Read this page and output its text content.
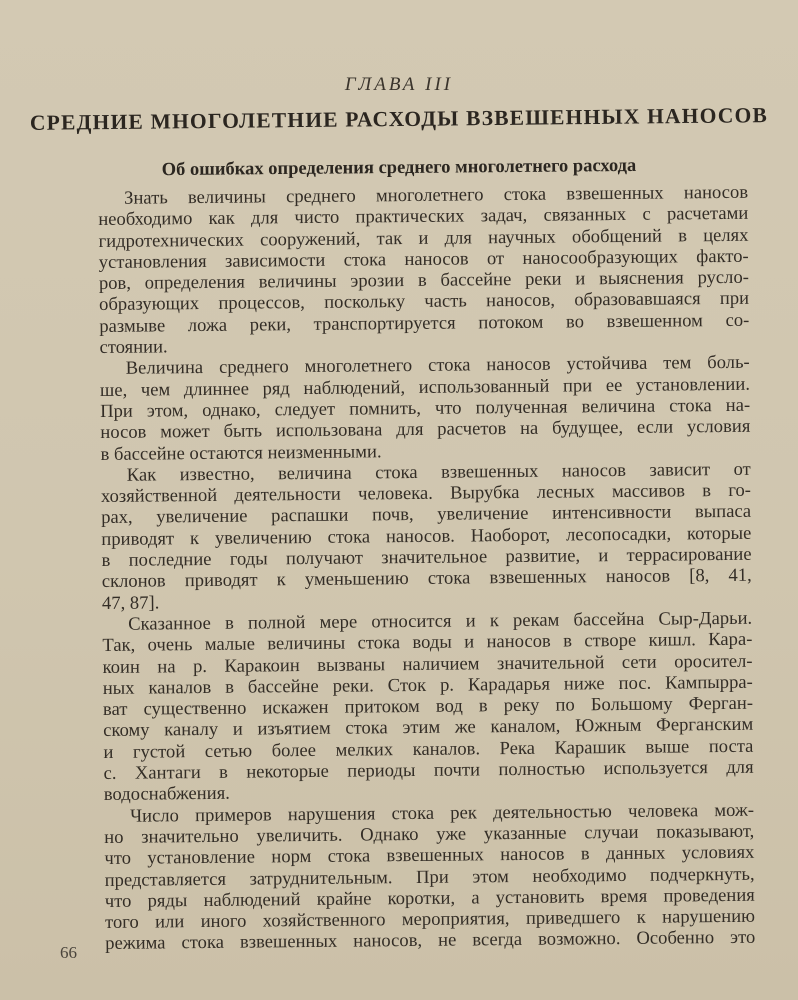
ГЛАВА III
СРЕДНИЕ МНОГОЛЕТНИЕ РАСХОДЫ ВЗВЕШЕННЫХ НАНОСОВ
Об ошибках определения среднего многолетнего расхода
Знать величины среднего многолетнего стока взвешенных наносов
необходимо как для чисто практических задач, связанных с расчетами
гидротехнических сооружений, так и для научных обобщений в целях
установления зависимости стока наносов от наносообразующих факто-
ров, определения величины эрозии в бассейне реки и выяснения русло-
образующих процессов, поскольку часть наносов, образовавшаяся при
размыве ложа реки, транспортируется потоком во взвешенном со-
стоянии.
Величина среднего многолетнего стока наносов устойчива тем боль-
ше, чем длиннее ряд наблюдений, использованный при ее установлении.
При этом, однако, следует помнить, что полученная величина стока на-
носов может быть использована для расчетов на будущее, если условия
в бассейне остаются неизменными.
Как известно, величина стока взвешенных наносов зависит от
хозяйственной деятельности человека. Вырубка лесных массивов в го-
рах, увеличение распашки почв, увеличение интенсивности выпаса
приводят к увеличению стока наносов. Наоборот, лесопосадки, которые
в последние годы получают значительное развитие, и террасирование
склонов приводят к уменьшению стока взвешенных наносов [8, 41,
47, 87].
Сказанное в полной мере относится и к рекам бассейна Сыр-Дарьи.
Так, очень малые величины стока воды и наносов в створе кишл. Карa-
коин на р. Каракоин вызваны наличием значительной сети оросител-
ных каналов в бассейне реки. Сток р. Карадарья ниже пос. Кампырра-
ват существенно искажен притоком вод в реку по Большому Ферган-
скому каналу и изъятием стока этим же каналом, Южным Ферганским
и густой сетью более мелких каналов. Река Карашик выше поста
с. Хантаги в некоторые периоды почти полностью используется для
водоснабжения.
Число примеров нарушения стока рек деятельностью человека мож-
но значительно увеличить. Однако уже указанные случаи показывают,
что установление норм стока взвешенных наносов в данных условиях
представляется затруднительным. При этом необходимо подчеркнуть,
что ряды наблюдений крайне коротки, а установить время проведения
того или иного хозяйственного мероприятия, приведшего к нарушению
режима стока взвешенных наносов, не всегда возможно. Особенно это
66
